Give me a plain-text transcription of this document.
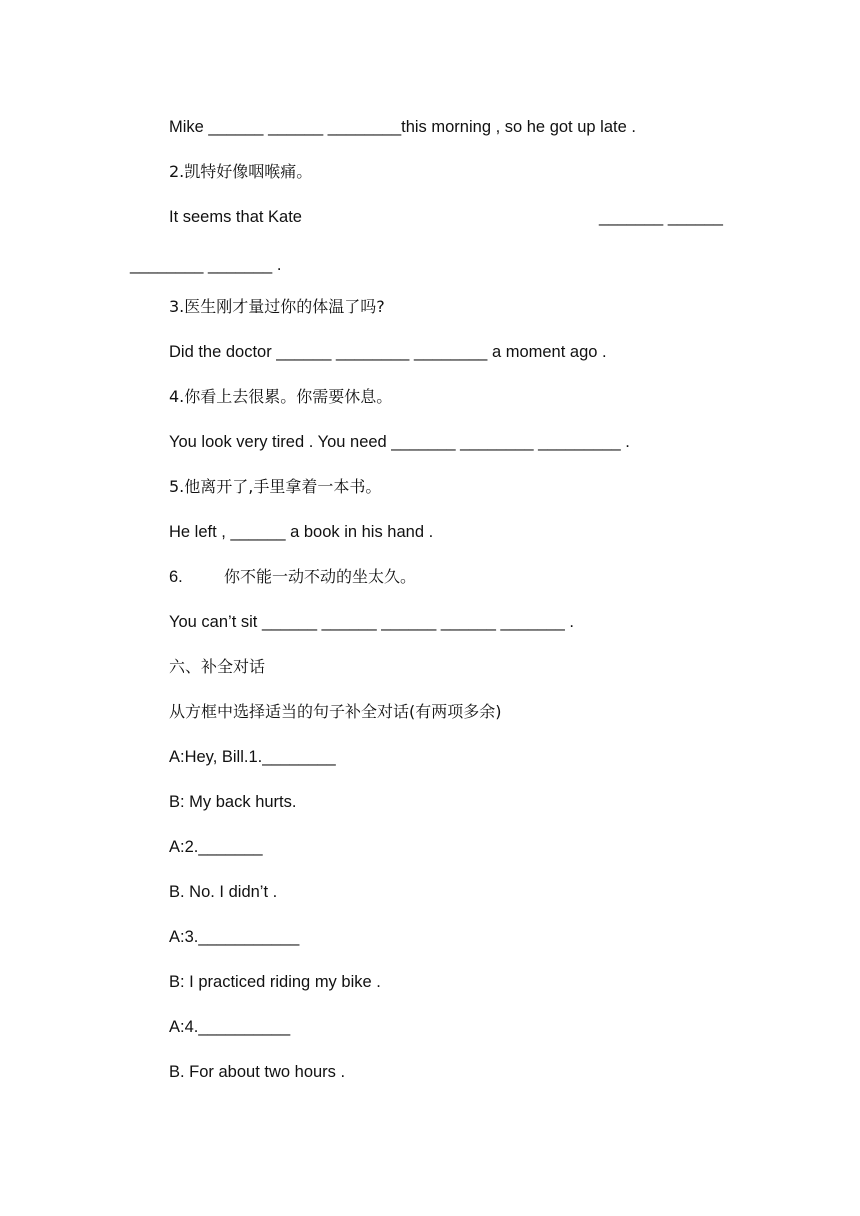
Mike ______ ______ ________this morning , so he got up late .
2.凯特好像咽喉痛。
It seems that Kate	_______ ______
________ _______ .
3.医生刚才量过你的体温了吗?
Did the doctor ______ ________ ________ a moment ago .
4.你看上去很累。你需要休息。
You look very tired . You need _______ ________ _________ .
5.他离开了,手里拿着一本书。
He left , ______ a book in his hand .
6.	你不能一动不动的坐太久。
You can’t sit ______ ______ ______ ______ _______ .
六、补全对话
从方框中选择适当的句子补全对话(有两项多余)
A:Hey, Bill.1.________
B: My back hurts.
A:2._______
B. No. I didn’t .
A:3.___________
B: I practiced riding my bike .
A:4.__________
B. For about two hours .
